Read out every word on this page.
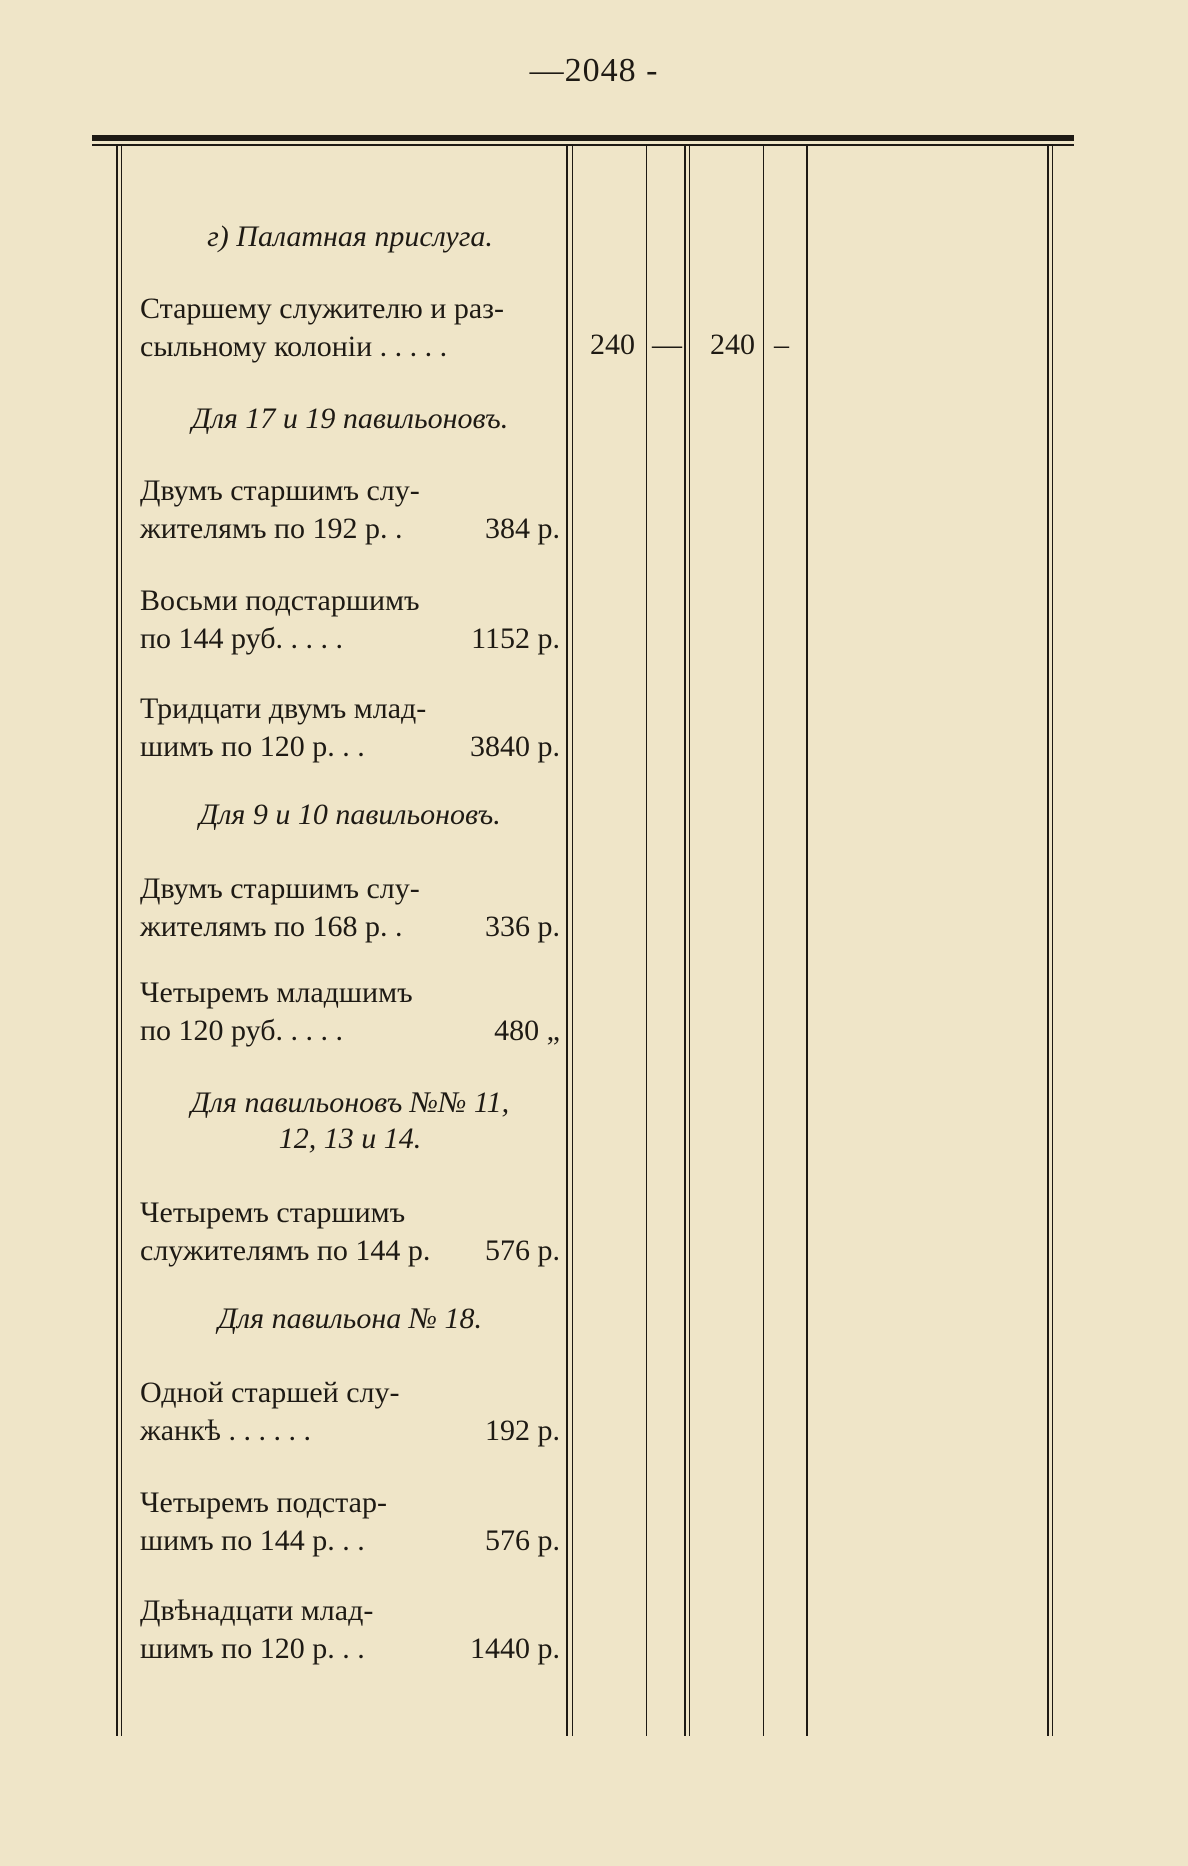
—2048 -
г) Палатная прислуга.
Старшему служителю и раз-
сыльному колоніи . . . . .	240 — 240 –
Для 17 и 19 павильоновъ.
Двумъ старшимъ слу-
жителямъ по 192 р. .	384 р.
Восьми подстаршимъ
по 144 руб. . . . .	1152 р.
Тридцати двумъ млад-
шимъ по 120 р. . .	3840 р.
Для 9 и 10 павильоновъ.
Двумъ старшимъ слу-
жителямъ по 168 р. .	336 р.
Четыремъ младшимъ
по 120 руб. . . . .	480 „
Для павильоновъ №№ 11,
12, 13 и 14.
Четыремъ старшимъ
служителямъ по 144 р. 576 р.
Для павильона № 18.
Одной старшей слу-
жанкѣ . . . . . .	192 р.
Четыремъ подстар-
шимъ по 144 р. . .	576 р.
Двѣнадцати млад-
шимъ по 120 р. . .	1440 р.
